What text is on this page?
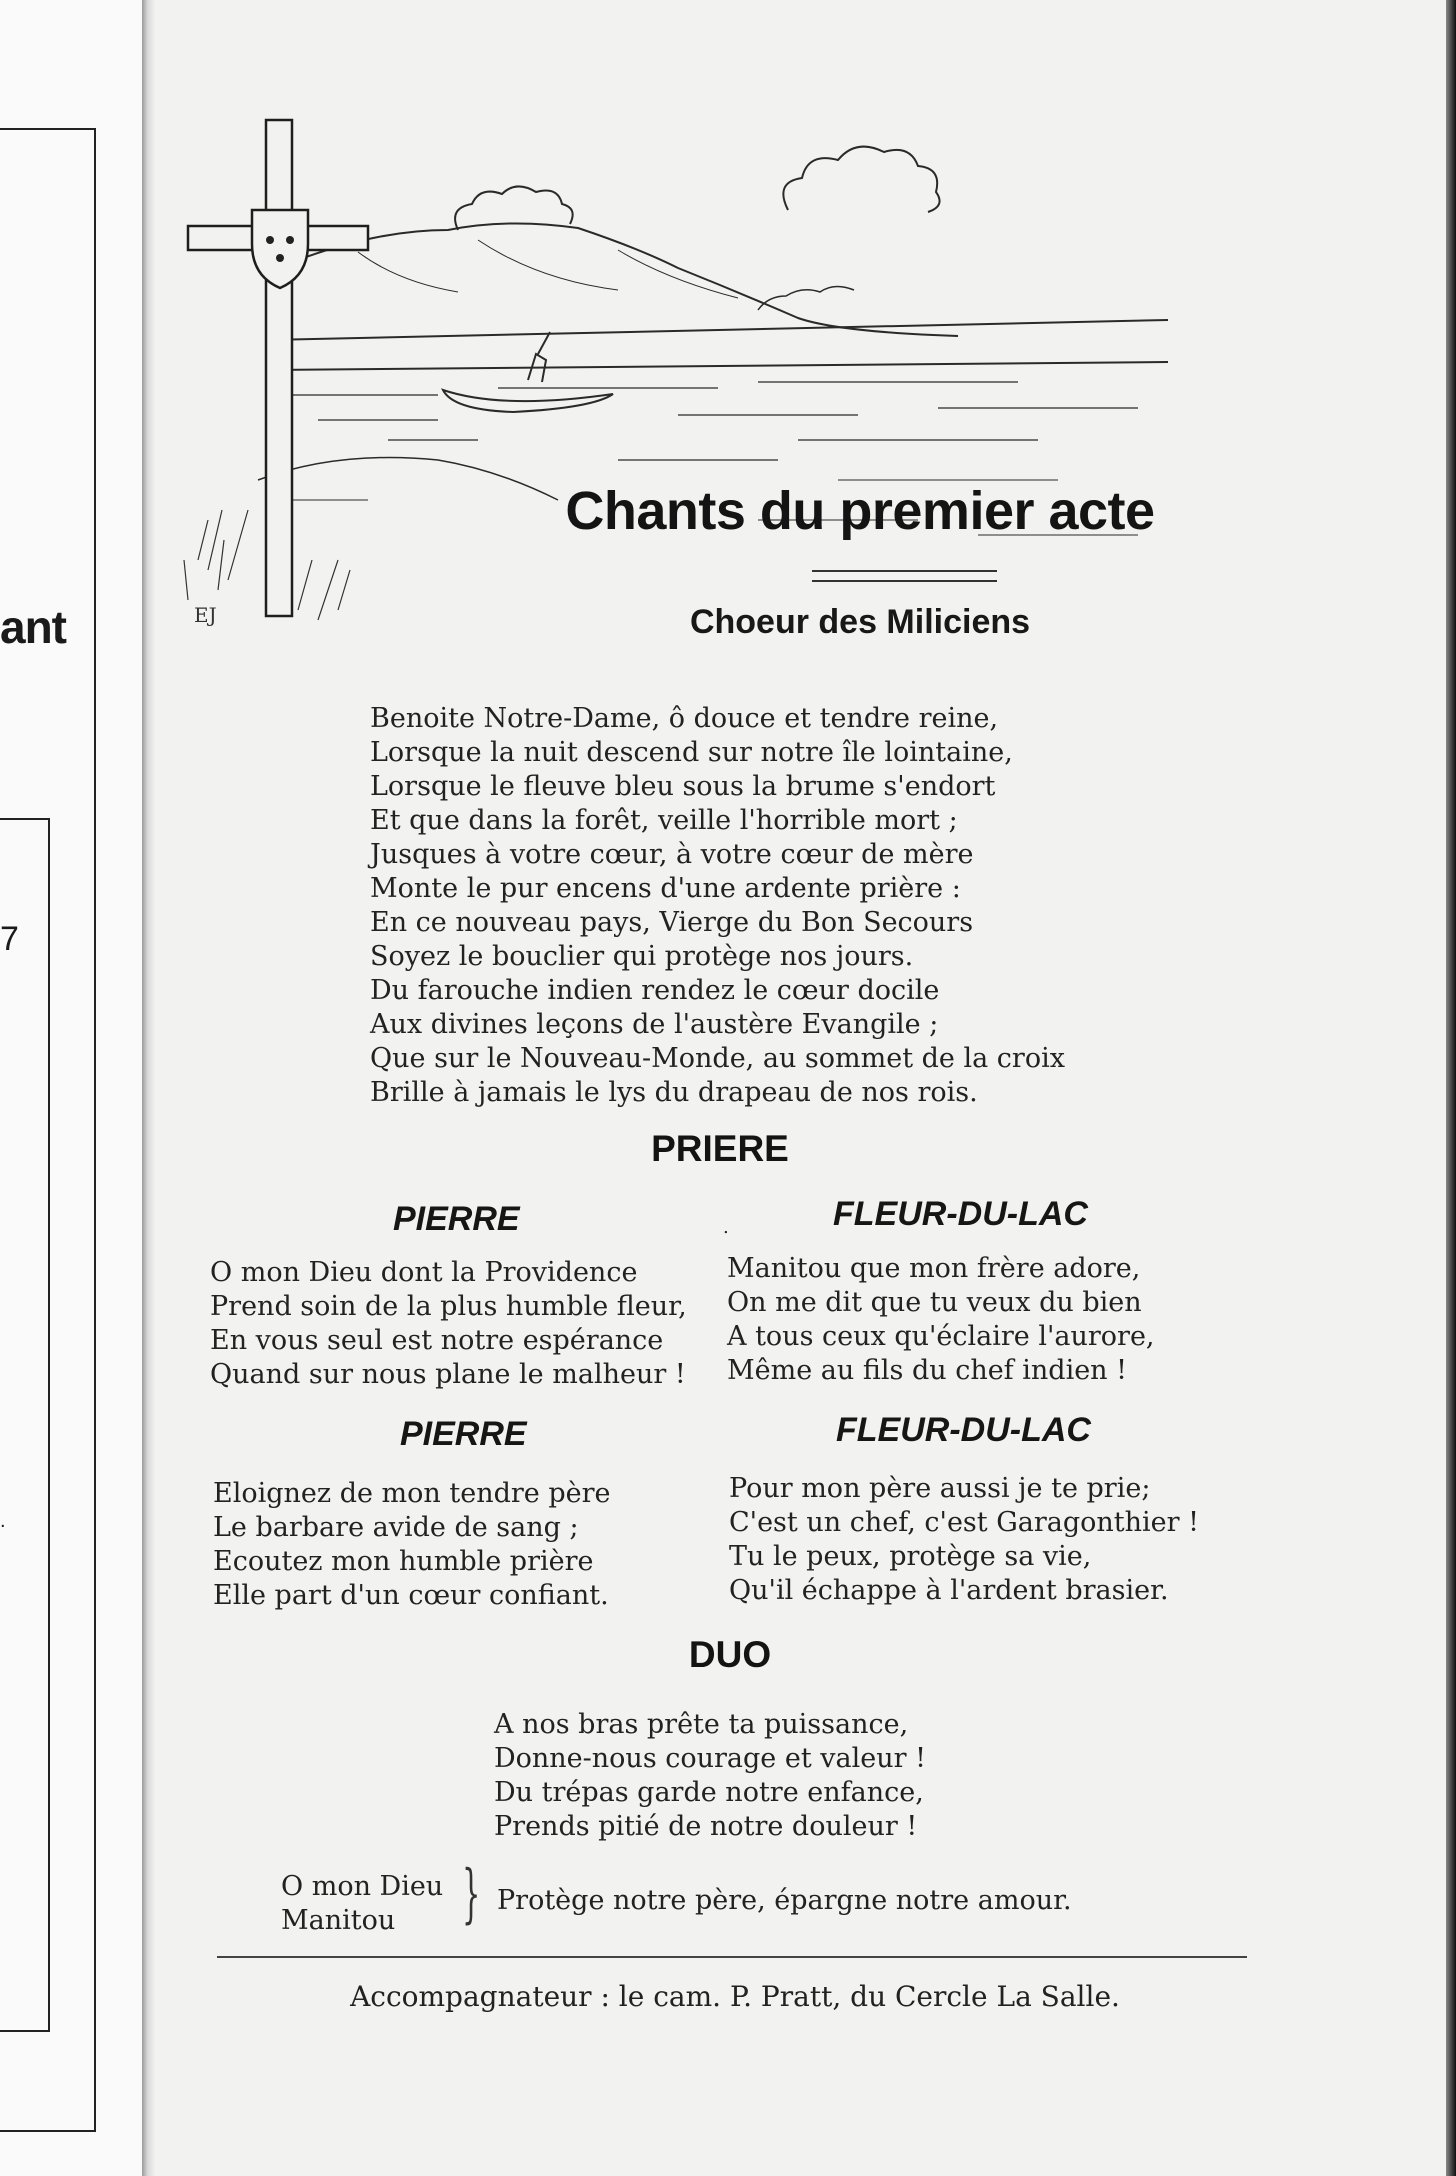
ant
7
.
EJ
Chants du premier acte
Choeur des Miliciens
Benoite Notre-Dame, ô douce et tendre reine,
Lorsque la nuit descend sur notre île lointaine,
Lorsque le fleuve bleu sous la brume s'endort
Et que dans la forêt, veille l'horrible mort ;
Jusques à votre cœur, à votre cœur de mère
Monte le pur encens d'une ardente prière :
En ce nouveau pays, Vierge du Bon Secours
Soyez le bouclier qui protège nos jours.
Du farouche indien rendez le cœur docile
Aux divines leçons de l'austère Evangile ;
Que sur le Nouveau-Monde, au sommet de la croix
Brille à jamais le lys du drapeau de nos rois.
PRIERE
PIERRE	.	FLEUR-DU-LAC
O mon Dieu dont la Providence
Prend soin de la plus humble fleur,
En vous seul est notre espérance
Quand sur nous plane le malheur !
Manitou que mon frère adore,
On me dit que tu veux du bien
A tous ceux qu'éclaire l'aurore,
Même au fils du chef indien !
PIERRE	FLEUR-DU-LAC
Eloignez de mon tendre père
Le barbare avide de sang ;
Ecoutez mon humble prière
Elle part d'un cœur confiant.
Pour mon père aussi je te prie;
C'est un chef, c'est Garagonthier !
Tu le peux, protège sa vie,
Qu'il échappe à l'ardent brasier.
DUO
A nos bras prête ta puissance,
Donne-nous courage et valeur !
Du trépas garde notre enfance,
Prends pitié de notre douleur !
O mon Dieu
Manitou	} Protège notre père, épargne notre amour.
Accompagnateur : le cam. P. Pratt, du Cercle La Salle.
